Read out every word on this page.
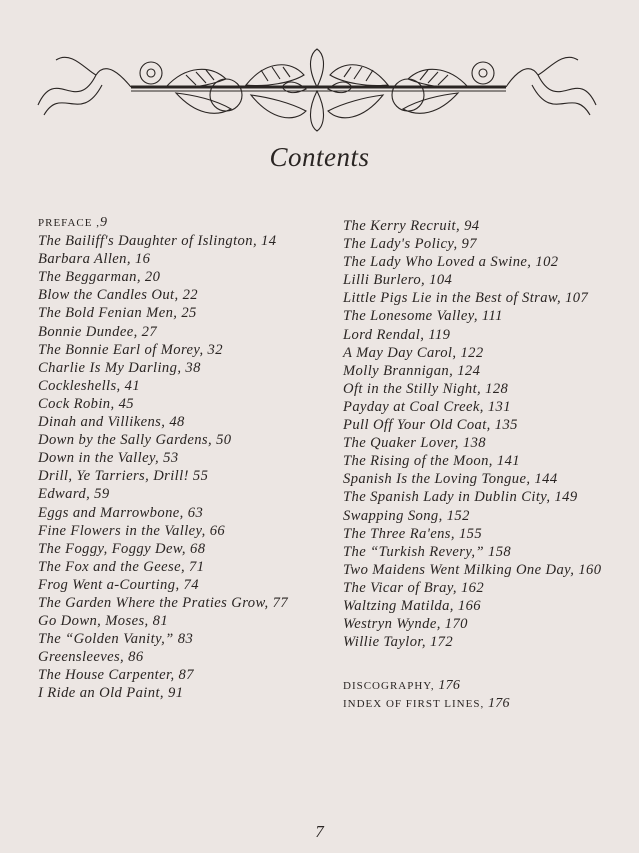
Contents
PREFACE ,9
The Bailiff's Daughter of Islington, 14
Barbara Allen, 16
The Beggarman, 20
Blow the Candles Out, 22
The Bold Fenian Men, 25
Bonnie Dundee, 27
The Bonnie Earl of Morey, 32
Charlie Is My Darling, 38
Cockleshells, 41
Cock Robin, 45
Dinah and Villikens, 48
Down by the Sally Gardens, 50
Down in the Valley, 53
Drill, Ye Tarriers, Drill! 55
Edward, 59
Eggs and Marrowbone, 63
Fine Flowers in the Valley, 66
The Foggy, Foggy Dew, 68
The Fox and the Geese, 71
Frog Went a-Courting, 74
The Garden Where the Praties Grow, 77
Go Down, Moses, 81
The “Golden Vanity,” 83
Greensleeves, 86
The House Carpenter, 87
I Ride an Old Paint, 91
The Kerry Recruit, 94
The Lady's Policy, 97
The Lady Who Loved a Swine, 102
Lilli Burlero, 104
Little Pigs Lie in the Best of Straw, 107
The Lonesome Valley, 111
Lord Rendal, 119
A May Day Carol, 122
Molly Brannigan, 124
Oft in the Stilly Night, 128
Payday at Coal Creek, 131
Pull Off Your Old Coat, 135
The Quaker Lover, 138
The Rising of the Moon, 141
Spanish Is the Loving Tongue, 144
The Spanish Lady in Dublin City, 149
Swapping Song, 152
The Three Ra'ens, 155
The “Turkish Revery,” 158
Two Maidens Went Milking One Day, 160
The Vicar of Bray, 162
Waltzing Matilda, 166
Westryn Wynde, 170
Willie Taylor, 172
DISCOGRAPHY, 176
INDEX OF FIRST LINES, 176
7
